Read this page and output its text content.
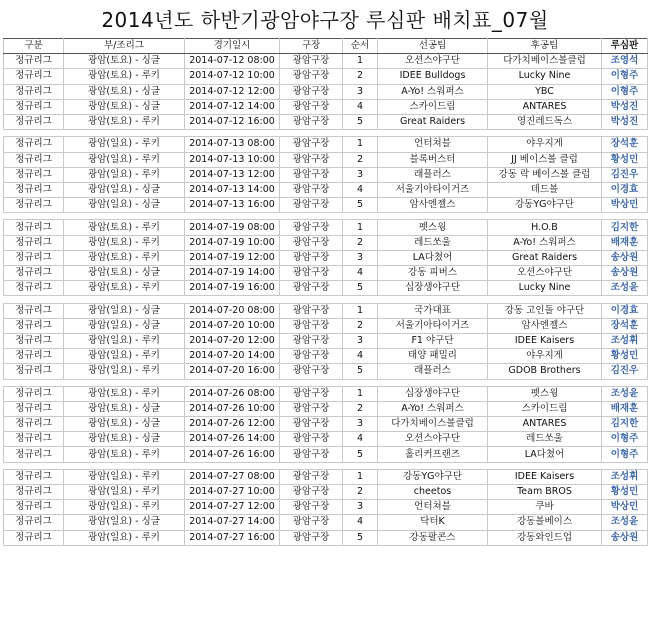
2014년도 하반기광암야구장 루심판 배치표_07월
구분	부/조리그	경기일시	구장	순서	선공팀	후공팀	루심판
정규리그	광암(토요) - 싱글	2014-07-12 08:00	광암구장	1	오션스야구단	다가치베이스볼클럽	조영석
정규리그	광암(토요) - 루키	2014-07-12 10:00	광암구장	2	IDEE Bulldogs	Lucky Nine	이형주
정규리그	광암(토요) - 싱글	2014-07-12 12:00	광암구장	3	A-Yo! 스워퍼스	YBC	이형주
정규리그	광암(토요) - 싱글	2014-07-12 14:00	광암구장	4	스카이드림	ANTARES	박성진
정규리그	광암(토요) - 루키	2014-07-12 16:00	광암구장	5	Great Raiders	영진레드독스	박성진

정규리그	광암(일요) - 루키	2014-07-13 08:00	광암구장	1	언터쳐블	야우지게	장석훈
정규리그	광암(일요) - 루키	2014-07-13 10:00	광암구장	2	블록버스터	JJ 베이스볼 클럽	황성민
정규리그	광암(일요) - 루키	2014-07-13 12:00	광암구장	3	래플러스	강동 락 베이스볼 클럽	김진우
정규리그	광암(일요) - 싱글	2014-07-13 14:00	광암구장	4	서울기아타이거즈	데드볼	이경효
정규리그	광암(일요) - 싱글	2014-07-13 16:00	광암구장	5	암사엔젤스	강동YG야구단	박상민

정규리그	광암(토요) - 루키	2014-07-19 08:00	광암구장	1	펫스윙	H.O.B	김지한
정규리그	광암(토요) - 루키	2014-07-19 10:00	광암구장	2	레드쏘울	A-Yo! 스워퍼스	배재훈
정규리그	광암(토요) - 루키	2014-07-19 12:00	광암구장	3	LA다쳤어	Great Raiders	송상원
정규리그	광암(토요) - 싱글	2014-07-19 14:00	광암구장	4	강동 피버스	오션스야구단	송상원
정규리그	광암(토요) - 루키	2014-07-19 16:00	광암구장	5	십장생야구단	Lucky Nine	조성윤

정규리그	광암(일요) - 싱글	2014-07-20 08:00	광암구장	1	국가대표	강동 고인돌 야구단	이경효
정규리그	광암(일요) - 싱글	2014-07-20 10:00	광암구장	2	서울기아타이거즈	암사엔젤스	장석훈
정규리그	광암(일요) - 루키	2014-07-20 12:00	광암구장	3	F1 야구단	IDEE Kaisers	조성휘
정규리그	광암(일요) - 루키	2014-07-20 14:00	광암구장	4	태양 패밀리	야우지게	황성민
정규리그	광암(일요) - 루키	2014-07-20 16:00	광암구장	5	래플러스	GDOB Brothers	김진우

정규리그	광암(토요) - 루키	2014-07-26 08:00	광암구장	1	십장생야구단	펫스윙	조성윤
정규리그	광암(토요) - 싱글	2014-07-26 10:00	광암구장	2	A-Yo! 스워퍼스	스카이드림	배재훈
정규리그	광암(토요) - 싱글	2014-07-26 12:00	광암구장	3	다가치베이스볼클럽	ANTARES	김지한
정규리그	광암(토요) - 싱글	2014-07-26 14:00	광암구장	4	오션스야구단	레드쏘울	이형주
정규리그	광암(토요) - 루키	2014-07-26 16:00	광암구장	5	홀리커프랜즈	LA다쳤어	이형주

정규리그	광암(일요) - 루키	2014-07-27 08:00	광암구장	1	강동YG야구단	IDEE Kaisers	조성휘
정규리그	광암(일요) - 루키	2014-07-27 10:00	광암구장	2	cheetos	Team BROS	황성민
정규리그	광암(일요) - 루키	2014-07-27 12:00	광암구장	3	언터쳐블	쿠바	박상민
정규리그	광암(일요) - 싱글	2014-07-27 14:00	광암구장	4	닥터K	강동볼베이스	조성윤
정규리그	광암(일요) - 루키	2014-07-27 16:00	광암구장	5	강동팔콘스	강동와인드업	송상원
